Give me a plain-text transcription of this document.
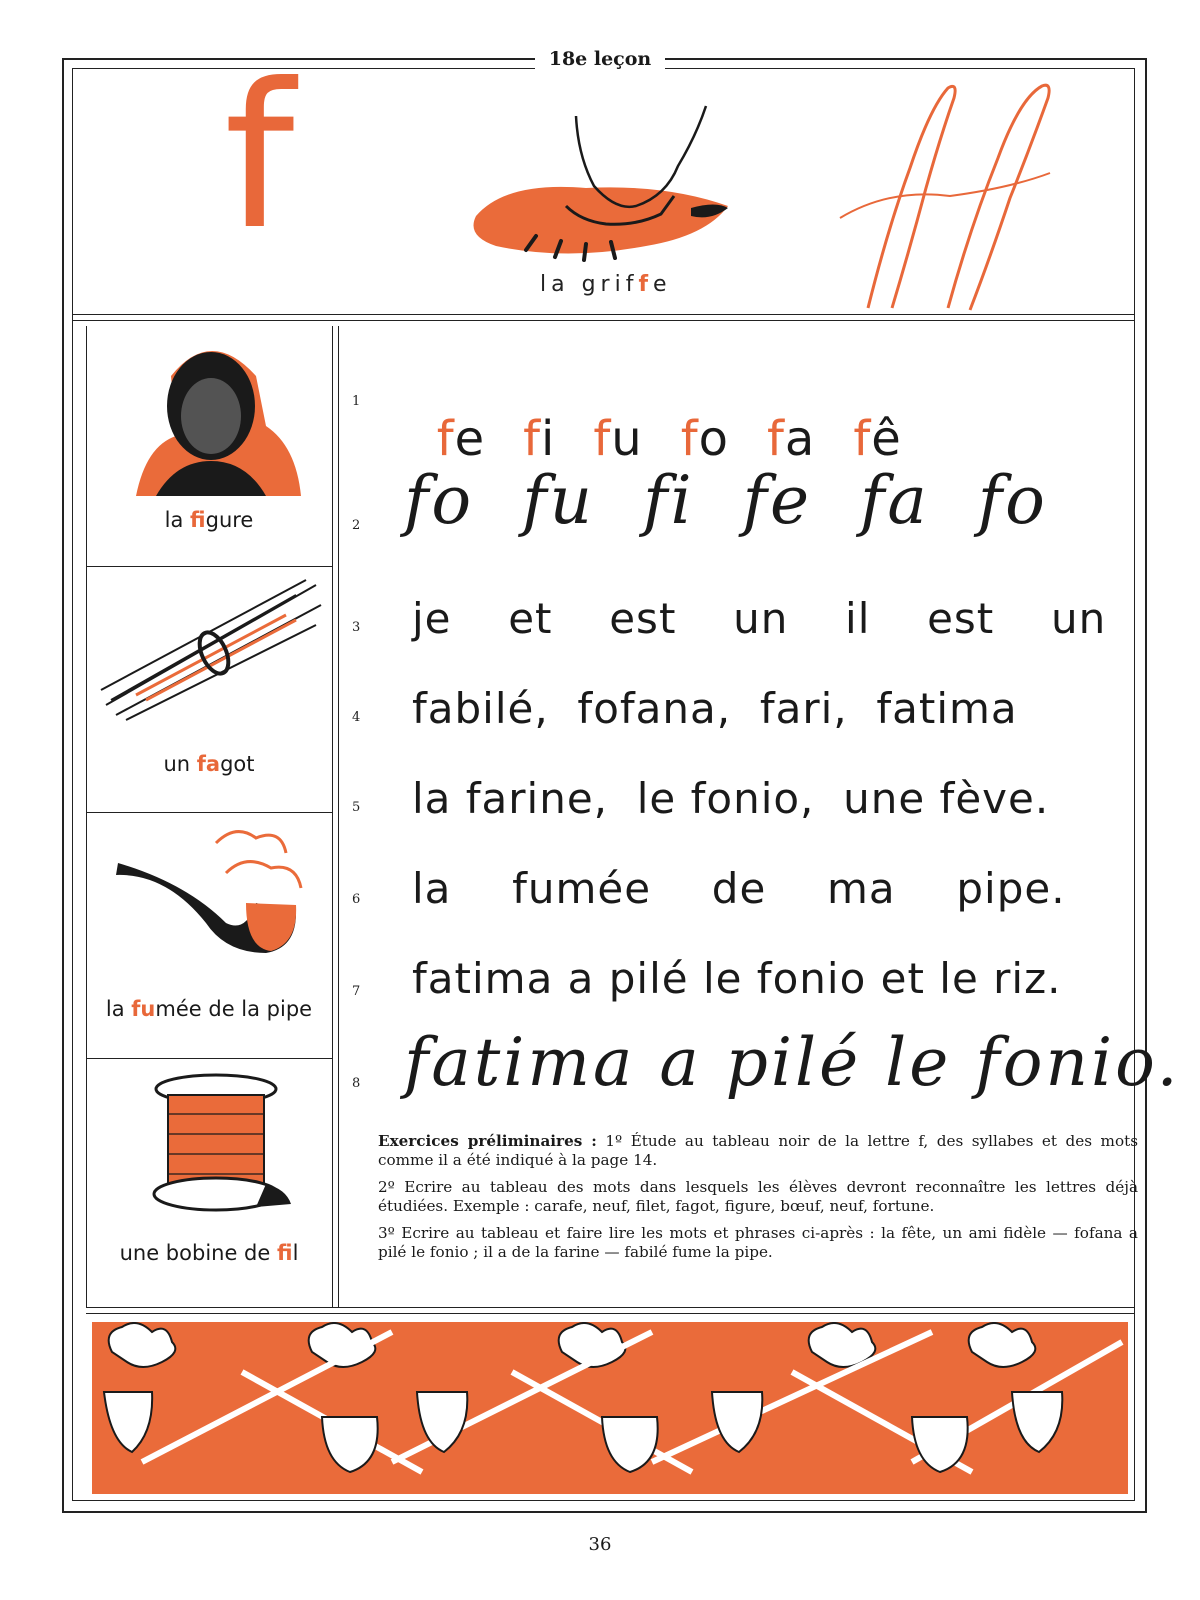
18e leçon
f
la griffe
la figure
un fagot
la fumée de la pipe
une bobine de fil
1

fe fi fu fo fa fê

2 fo  fu  fi  fe  fa  fo
3 je  et  est  un  il  est  un
4 fabilé,  fofana,  fari,  fatima
5 la farine,  le fonio,  une fève.
6 la  fumée  de  ma  pipe.
7 fatima a pilé le fonio et le riz.
8 fatima a pilé le fonio.

Exercices préliminaires : 1º Étude au tableau noir de la lettre f, des syllabes et des mots comme il a été indiqué à la page 14.

2º Ecrire au tableau des mots dans lesquels les élèves devront reconnaître les lettres déjà étudiées. Exemple : carafe, neuf, filet, fagot, figure, bœuf, neuf, fortune.

3º Ecrire au tableau et faire lire les mots et phrases ci-après : la fête, un ami fidèle — fofana a pilé le fonio ; il a de la farine — fabilé fume la pipe.

36
